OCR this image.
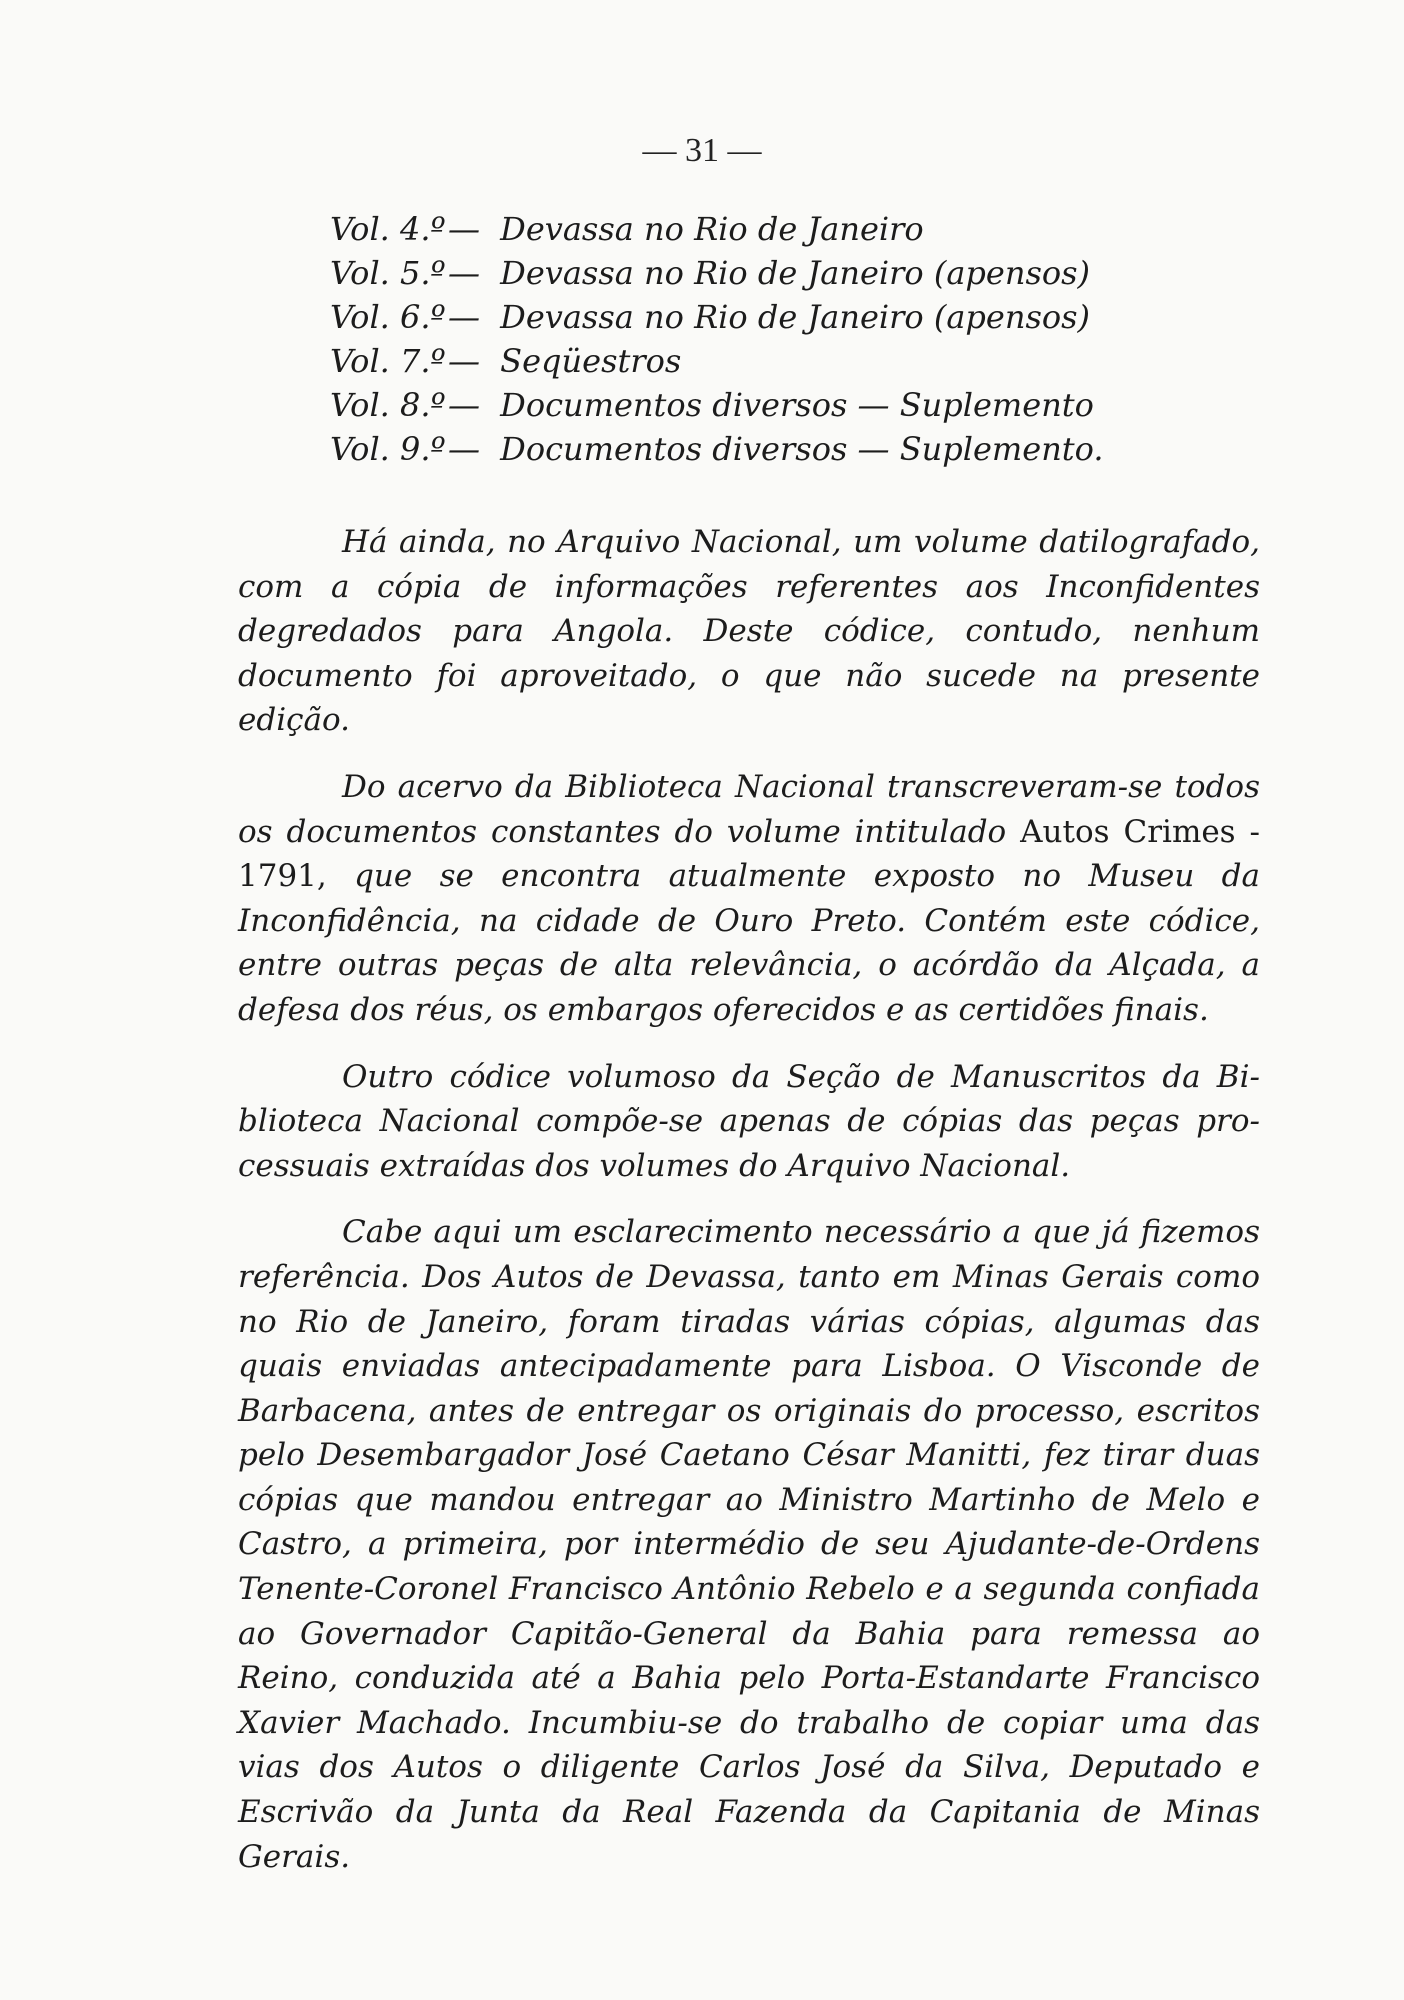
— 31 —
Vol. 4.º— Devassa no Rio de Janeiro
Vol. 5.º— Devassa no Rio de Janeiro (apensos)
Vol. 6.º— Devassa no Rio de Janeiro (apensos)
Vol. 7.º— Seqüestros
Vol. 8.º— Documentos diversos — Suplemento
Vol. 9.º— Documentos diversos — Suplemento.

Há ainda, no Arquivo Nacional, um volume datilografado, com a cópia de informações referentes aos Inconfidentes degredados para Angola. Deste códice, contudo, nenhum documento foi aproveitado, o que não sucede na presente edição.

Do acervo da Biblioteca Nacional transcreveram-se todos os documentos constantes do volume intitulado Autos Crimes - 1791, que se encontra atualmente exposto no Museu da Inconfidência, na cidade de Ouro Preto. Contém este códice, entre outras peças de alta relevância, o acórdão da Alçada, a defesa dos réus, os embargos oferecidos e as certidões finais.

Outro códice volumoso da Seção de Manuscritos da Biblioteca Nacional compõe-se apenas de cópias das peças processuais extraídas dos volumes do Arquivo Nacional.

Cabe aqui um esclarecimento necessário a que já fizemos referência. Dos Autos de Devassa, tanto em Minas Gerais como no Rio de Janeiro, foram tiradas várias cópias, algumas das quais enviadas antecipadamente para Lisboa. O Visconde de Barbacena, antes de entregar os originais do processo, escritos pelo Desembargador José Caetano César Manitti, fez tirar duas cópias que mandou entregar ao Ministro Martinho de Melo e Castro, a primeira, por intermédio de seu Ajudante-de-Ordens Tenente-Coronel Francisco Antônio Rebelo e a segunda confiada ao Governador Capitão-General da Bahia para remessa ao Reino, conduzida até a Bahia pelo Porta-Estandarte Francisco Xavier Machado. Incumbiu-se do trabalho de copiar uma das vias dos Autos o diligente Carlos José da Silva, Deputado e Escrivão da Junta da Real Fazenda da Capitania de Minas Gerais.
